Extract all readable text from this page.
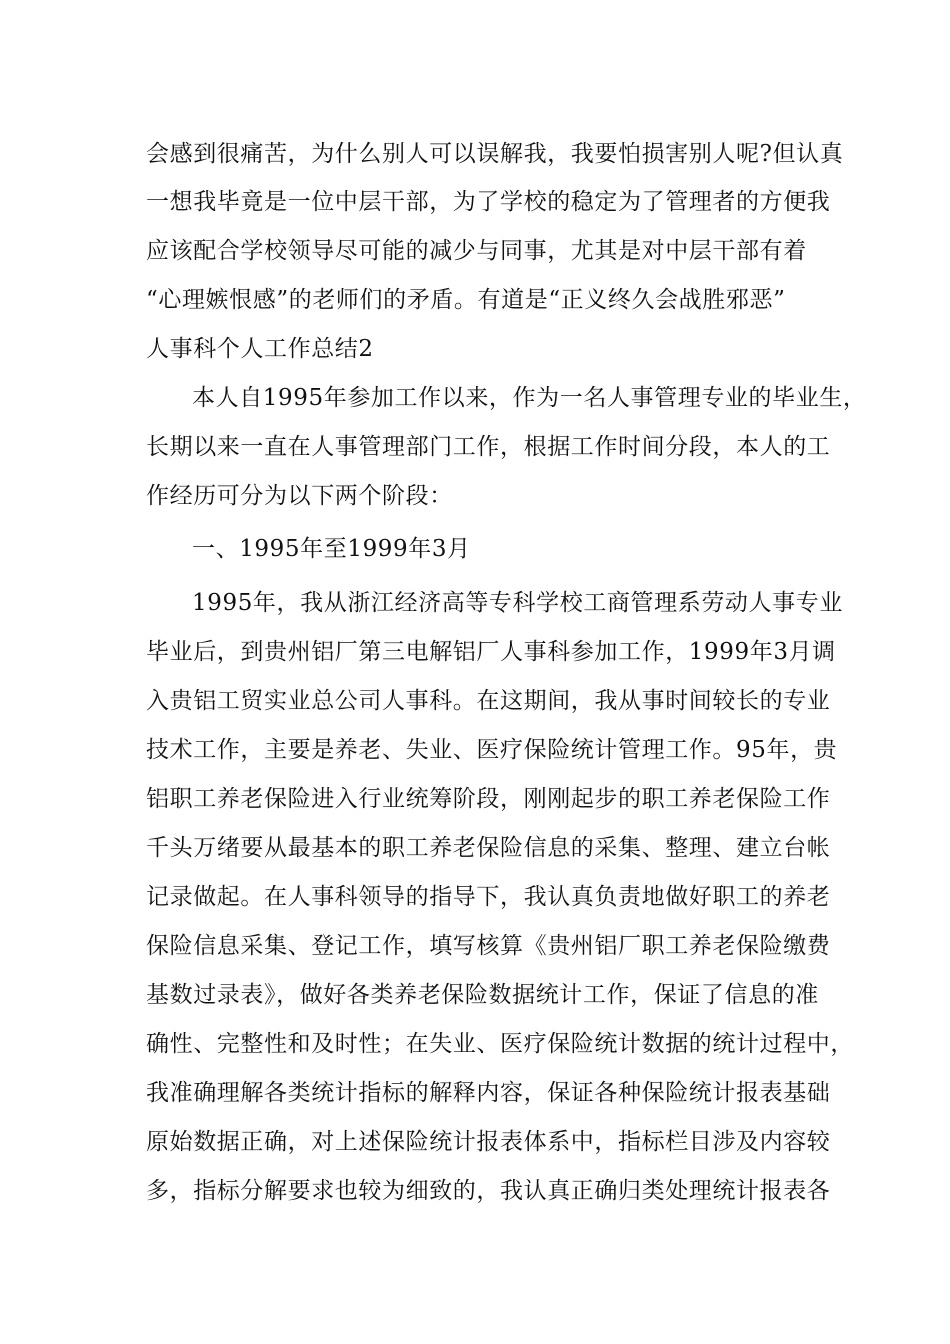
会感到很痛苦，为什么别人可以误解我，我要怕损害别人呢?但认真
一想我毕竟是一位中层干部，为了学校的稳定为了管理者的方便我
应该配合学校领导尽可能的减少与同事，尤其是对中层干部有着
“心理嫉恨感”的老师们的矛盾。有道是“正义终久会战胜邪恶”
人事科个人工作总结2
本人自1995年参加工作以来，作为一名人事管理专业的毕业生，
长期以来一直在人事管理部门工作，根据工作时间分段，本人的工
作经历可分为以下两个阶段：
一、1995年至1999年3月
1995年，我从浙江经济高等专科学校工商管理系劳动人事专业
毕业后，到贵州铝厂第三电解铝厂人事科参加工作，1999年3月调
入贵铝工贸实业总公司人事科。在这期间，我从事时间较长的专业
技术工作，主要是养老、失业、医疗保险统计管理工作。95年，贵
铝职工养老保险进入行业统筹阶段，刚刚起步的职工养老保险工作
千头万绪要从最基本的职工养老保险信息的采集、整理、建立台帐
记录做起。在人事科领导的指导下，我认真负责地做好职工的养老
保险信息采集、登记工作，填写核算《贵州铝厂职工养老保险缴费
基数过录表》，做好各类养老保险数据统计工作，保证了信息的准
确性、完整性和及时性；在失业、医疗保险统计数据的统计过程中，
我准确理解各类统计指标的解释内容，保证各种保险统计报表基础
原始数据正确，对上述保险统计报表体系中，指标栏目涉及内容较
多，指标分解要求也较为细致的，我认真正确归类处理统计报表各
